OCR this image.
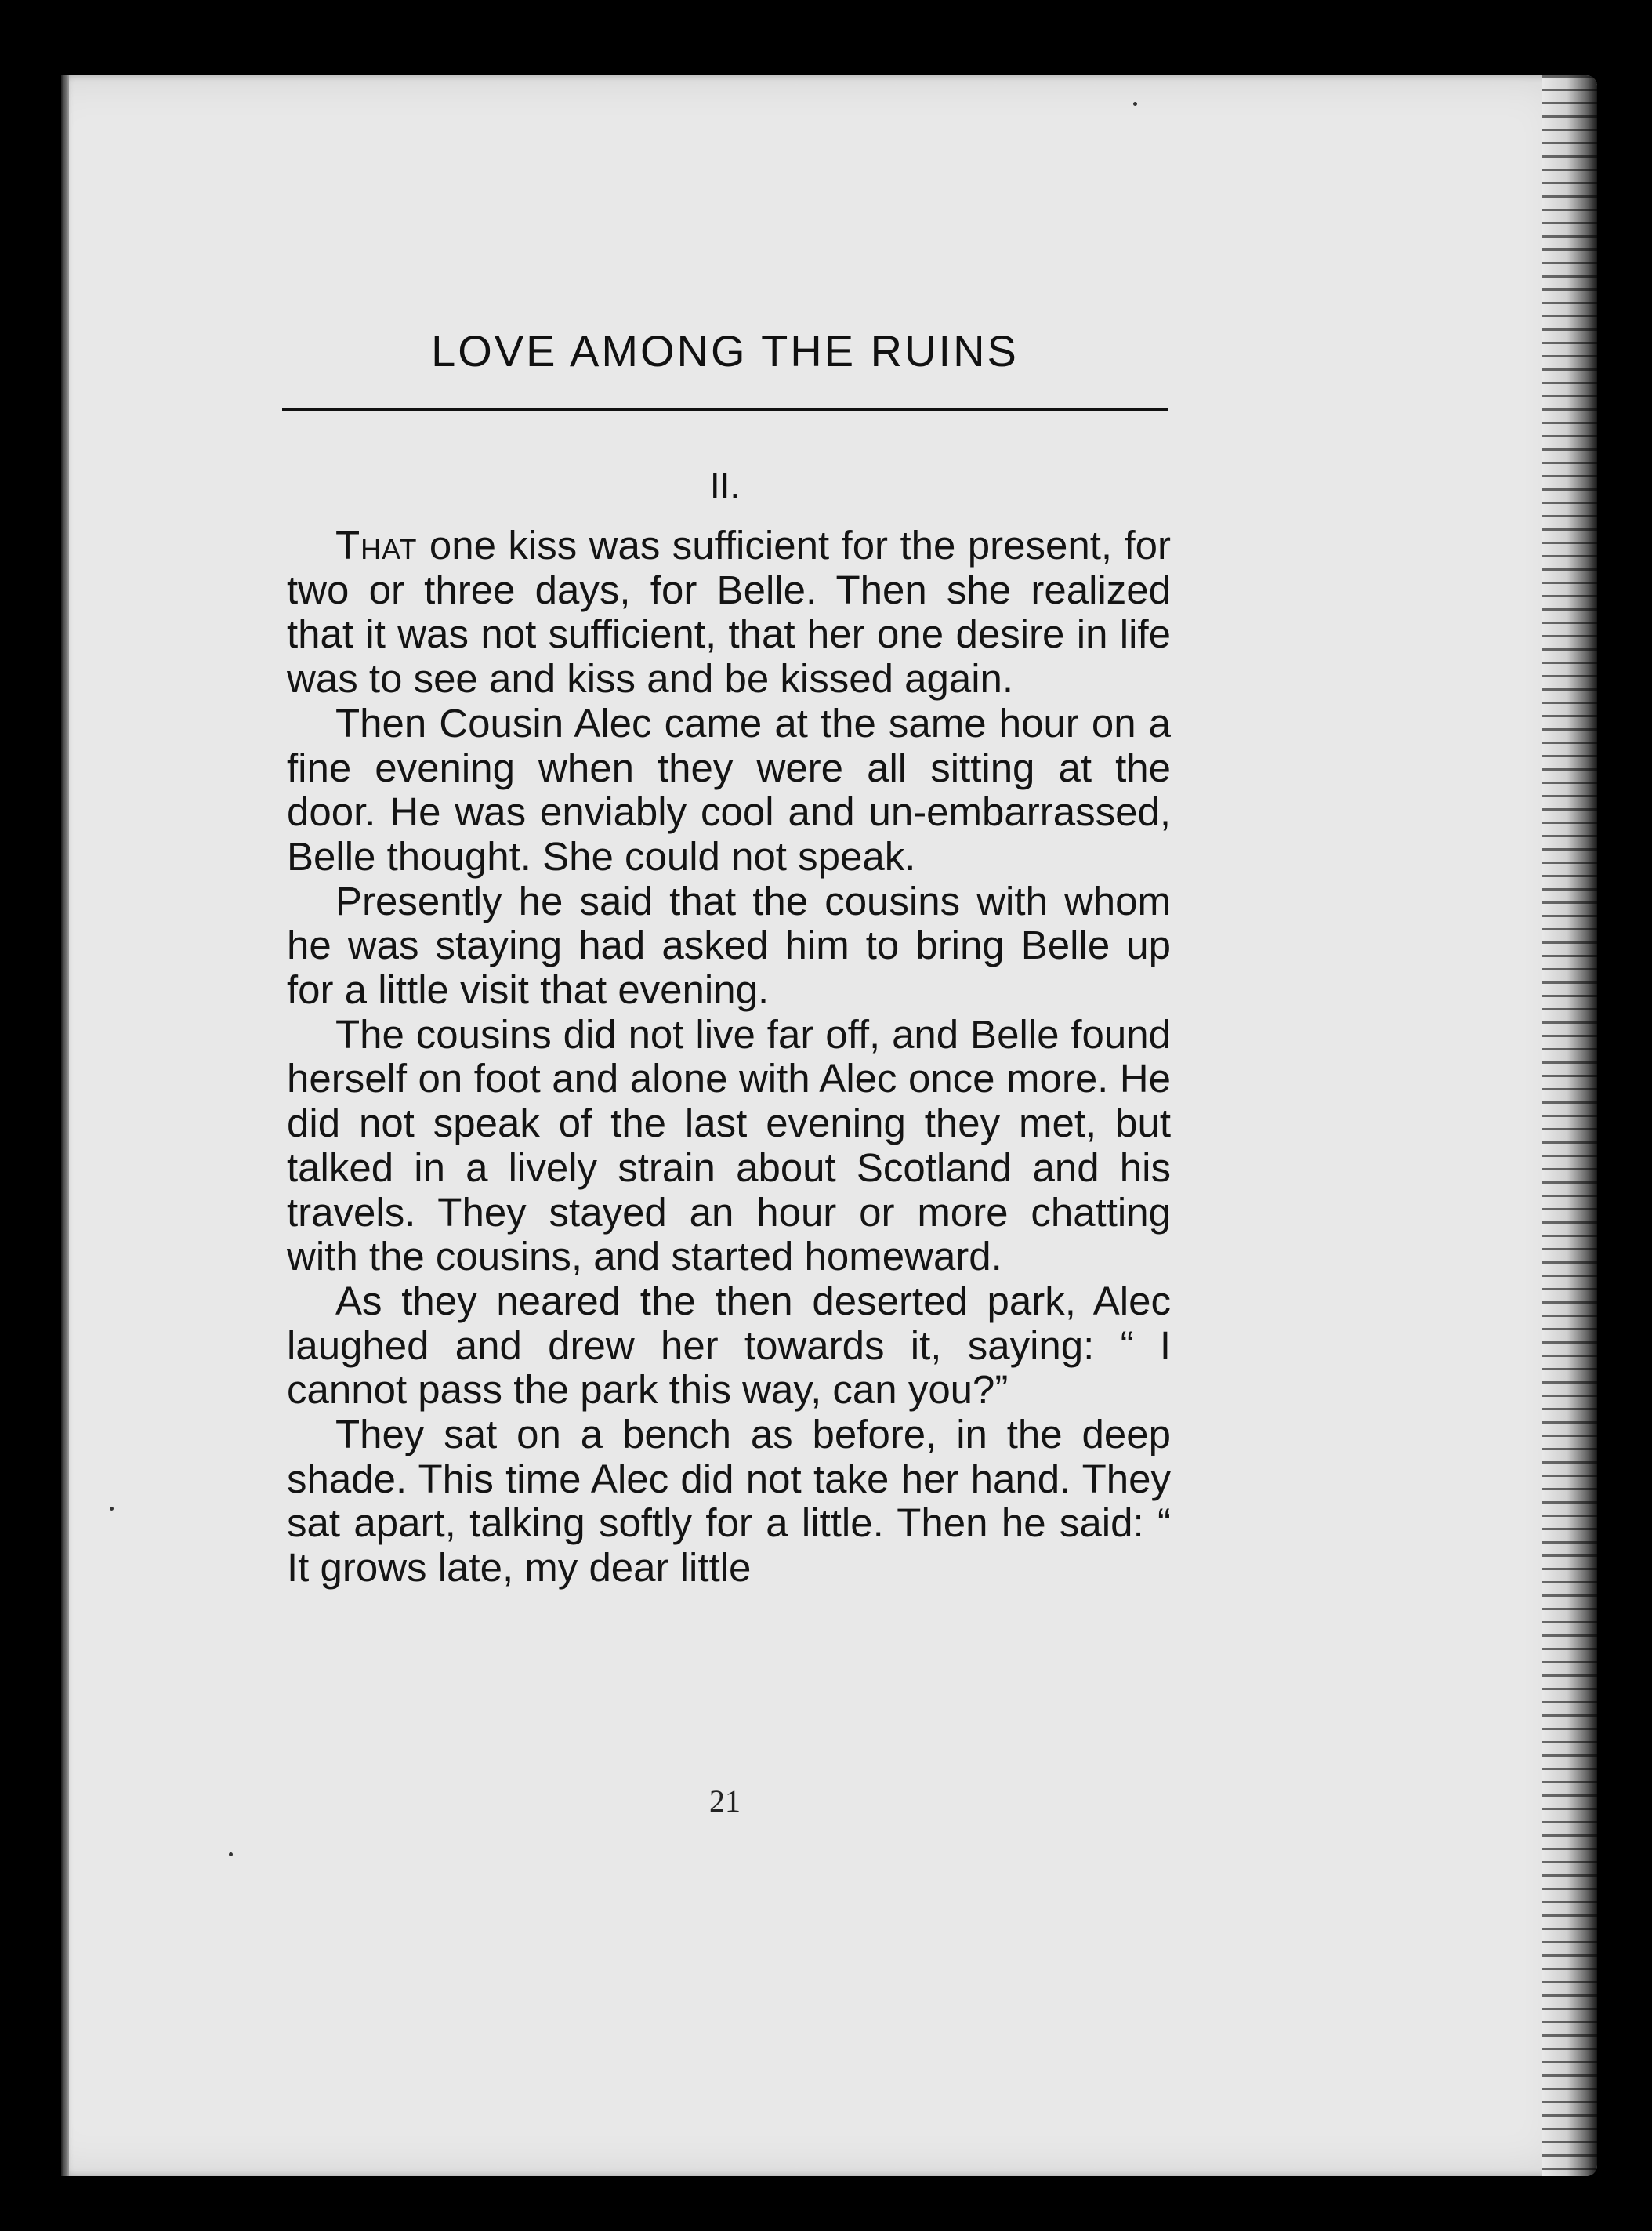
LOVE AMONG THE RUINS
II.

That one kiss was sufficient for the present, for two or three days, for Belle. Then she realized that it was not sufficient, that her one desire in life was to see and kiss and be kissed again.

Then Cousin Alec came at the same hour on a fine evening when they were all sitting at the door. He was enviably cool and un-embarrassed, Belle thought. She could not speak.

Presently he said that the cousins with whom he was staying had asked him to bring Belle up for a little visit that evening.

The cousins did not live far off, and Belle found herself on foot and alone with Alec once more. He did not speak of the last evening they met, but talked in a lively strain about Scotland and his travels. They stayed an hour or more chatting with the cousins, and started homeward.

As they neared the then deserted park, Alec laughed and drew her towards it, saying: “ I cannot pass the park this way, can you?”

They sat on a bench as before, in the deep shade. This time Alec did not take her hand. They sat apart, talking softly for a little. Then he said: “ It grows late, my dear little

21
